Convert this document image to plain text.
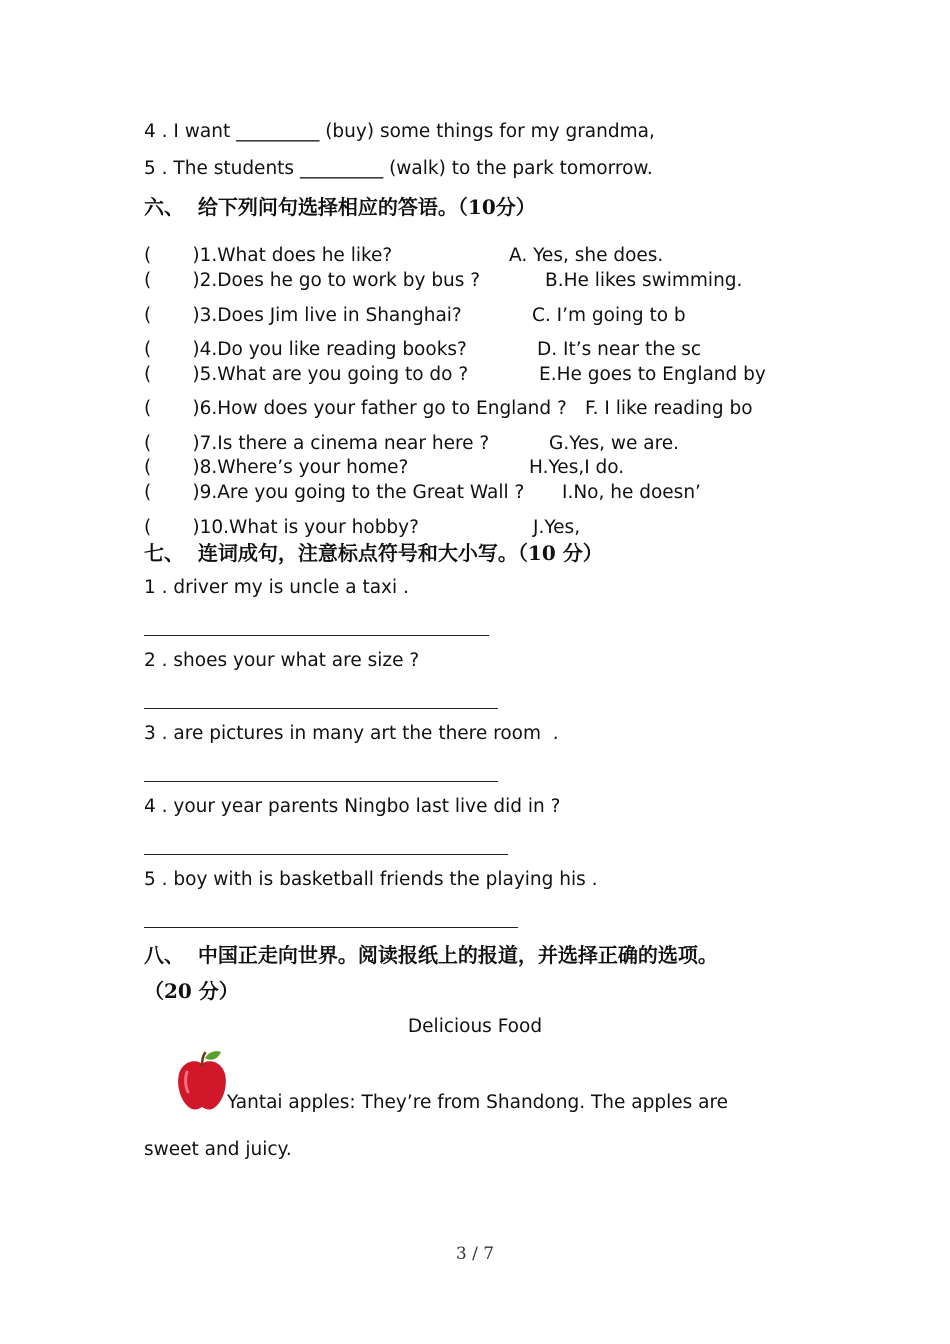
4 . I want _________ (buy) some things for my grandma,
5 . The students _________ (walk) to the park tomorrow.
六、  给下列问句选择相应的答语。（10分）
(       )1.What does he like?
(       )2.Does he go to work by bus ?
(       )3.Does Jim live in Shanghai?
(       )4.Do you like reading books?
(       )5.What are you going to do ?
(       )6.How does your father go to England ?
(       )7.Is there a cinema near here ?
(       )8.Where’s your home?
(       )9.Are you going to the Great Wall ?
(       )10.What is your hobby?
A. Yes, she does.
B.He likes swimming.
C. I’m going to b
D. It’s near the sc
E.He goes to England by
F. I like reading bo
G.Yes, we are.
H.Yes,I do.
I.No, he doesn’
J.Yes,
七、  连词成句，注意标点符号和大小写。（10 分）
1 . driver my is uncle a taxi .
2 . shoes your what are size ?
3 . are pictures in many art the there room  .
4 . your year parents Ningbo last live did in ?
5 . boy with is basketball friends the playing his .
八、  中国正走向世界。阅读报纸上的报道，并选择正确的选项。
（20 分）
Delicious Food
Yantai apples: They’re from Shandong. The apples are
sweet and juicy.
3 / 7
